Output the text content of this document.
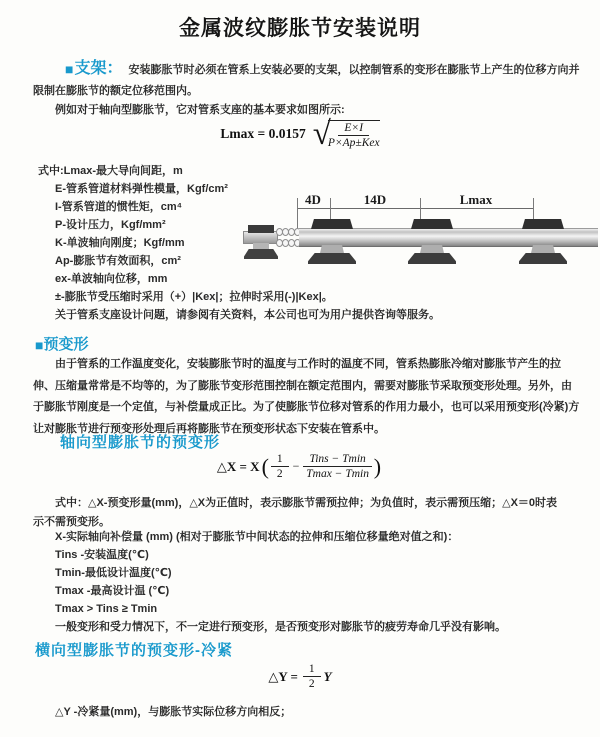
金属波纹膨胀节安装说明
■支架： 安装膨胀节时必须在管系上安装必要的支架，以控制管系的变形在膨胀节上产生的位移方向并
限制在膨胀节的额定位移范围内。
例如对于轴向型膨胀节，它对管系支座的基本要求如图所示:
Lmax = 0.0157 √
$\frac{E\times I}{\text{P×Ap±Kex}}$
式中:Lmax-最大导向间距，m
E-管系管道材料弹性模量，Kgf/cm²
I-管系管道的惯性矩，cm⁴
P-设计压力，Kgf/mm²
K-单波轴向刚度；Kgf/mm
Ap-膨胀节有效面积，cm²
ex-单波轴向位移，mm
±-膨胀节受压缩时采用（+）|Kex|；拉伸时采用(-)|Kex|。
关于管系支座设计问题，请参阅有关资料，本公司也可为用户提供咨询等服务。
4D	14D	Lmax
■预变形
由于管系的工作温度变化，安装膨胀节时的温度与工作时的温度不同，管系热膨胀冷缩对膨胀节产生的拉
伸、压缩量常常是不均等的，为了膨胀节变形范围控制在额定范围内，需要对膨胀节采取预变形处理。另外，由
于膨胀节刚度是一个定值，与补偿量成正比。为了使膨胀节位移对管系的作用力最小，也可以采用预变形(冷紧)方
让对膨胀节进行预变形处理后再将膨胀节在预变形状态下安装在管系中。
轴向型膨胀节的预变形
△X = X ( $\frac{1}{2} - \frac{\text{Tins − Tmin}}{Tmax - Tmin}$ )
式中：△X-预变形量(mm)，△X为正值时，表示膨胀节需预拉伸；为负值时，表示需预压缩；△X＝0时表
示不需预变形。
X-实际轴向补偿量 (mm) (相对于膨胀节中间状态的拉伸和压缩位移量绝对值之和)：
Tins -安装温度(℃)
Tmin-最低设计温度(℃)
Tmax -最高设计温 (℃)
Tmax > Tins ≥ Tmin
一般变形和受力情况下，不一定进行预变形，是否预变形对膨胀节的疲劳寿命几乎没有影响。
横向型膨胀节的预变形-冷紧
△Y = $\frac{1}{2}$ Y
△Y -冷紧量(mm)，与膨胀节实际位移方向相反；
